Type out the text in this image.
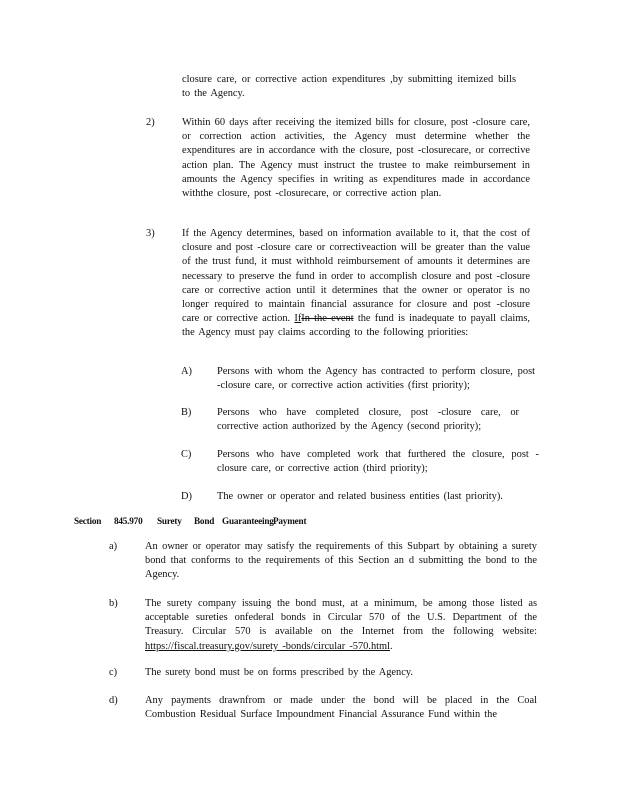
closure care, or corrective action expenditures ,by submitting itemized bills to the Agency.

2)	Within 60 days after receiving the itemized bills for closure, post -closure care, or correction action activities, the Agency must determine whether the expenditures are in accordance with the closure, post -closurecare, or corrective action plan. The Agency must instruct the trustee to make reimbursement in amounts the Agency specifies in writing as expenditures made in accordance withthe closure, post -closurecare, or corrective action plan.

3)	If the Agency determines, based on information available to it, that the cost of closure and post -closure care or correctiveaction will be greater than the value of the trust fund, it must withhold reimbursement of amounts it determines are necessary to preserve the fund in order to accomplish closure and post -closure care or corrective action until it determines that the owner or operator is no longer required to maintain financial assurance for closure and post -closure care or corrective action. IfIn the event the fund is inadequate to payall claims, the Agency must pay claims according to the following priorities:

A) Persons with whom the Agency has contracted to perform closure, post -closure care, or corrective action activities (first priority);

B) Persons who have completed closure, post -closure care, or corrective action authorized by the Agency (second priority);

C) Persons who have completed work that furthered the closure, post -closure care, or corrective action (third priority);

D) The owner or operator and related business entities (last priority).

Section 845.970 Surety Bond GuaranteeingPayment
a)	An owner or operator may satisfy the requirements of this Subpart by obtaining a surety bond that conforms to the requirements of this Section an d submitting the bond to the Agency.

b)	The surety company issuing the bond must, at a minimum, be among those listed as acceptable sureties onfederal bonds in Circular 570 of the U.S. Department of the Treasury. Circular 570 is available on the Internet from the following website: https://fiscal.treasury.gov/surety -bonds/circular -570.html.

c)	The surety bond must be on forms prescribed by the Agency.

d)	Any payments drawnfrom or made under the bond will be placed in the Coal Combustion Residual Surface Impoundment Financial Assurance Fund within the
